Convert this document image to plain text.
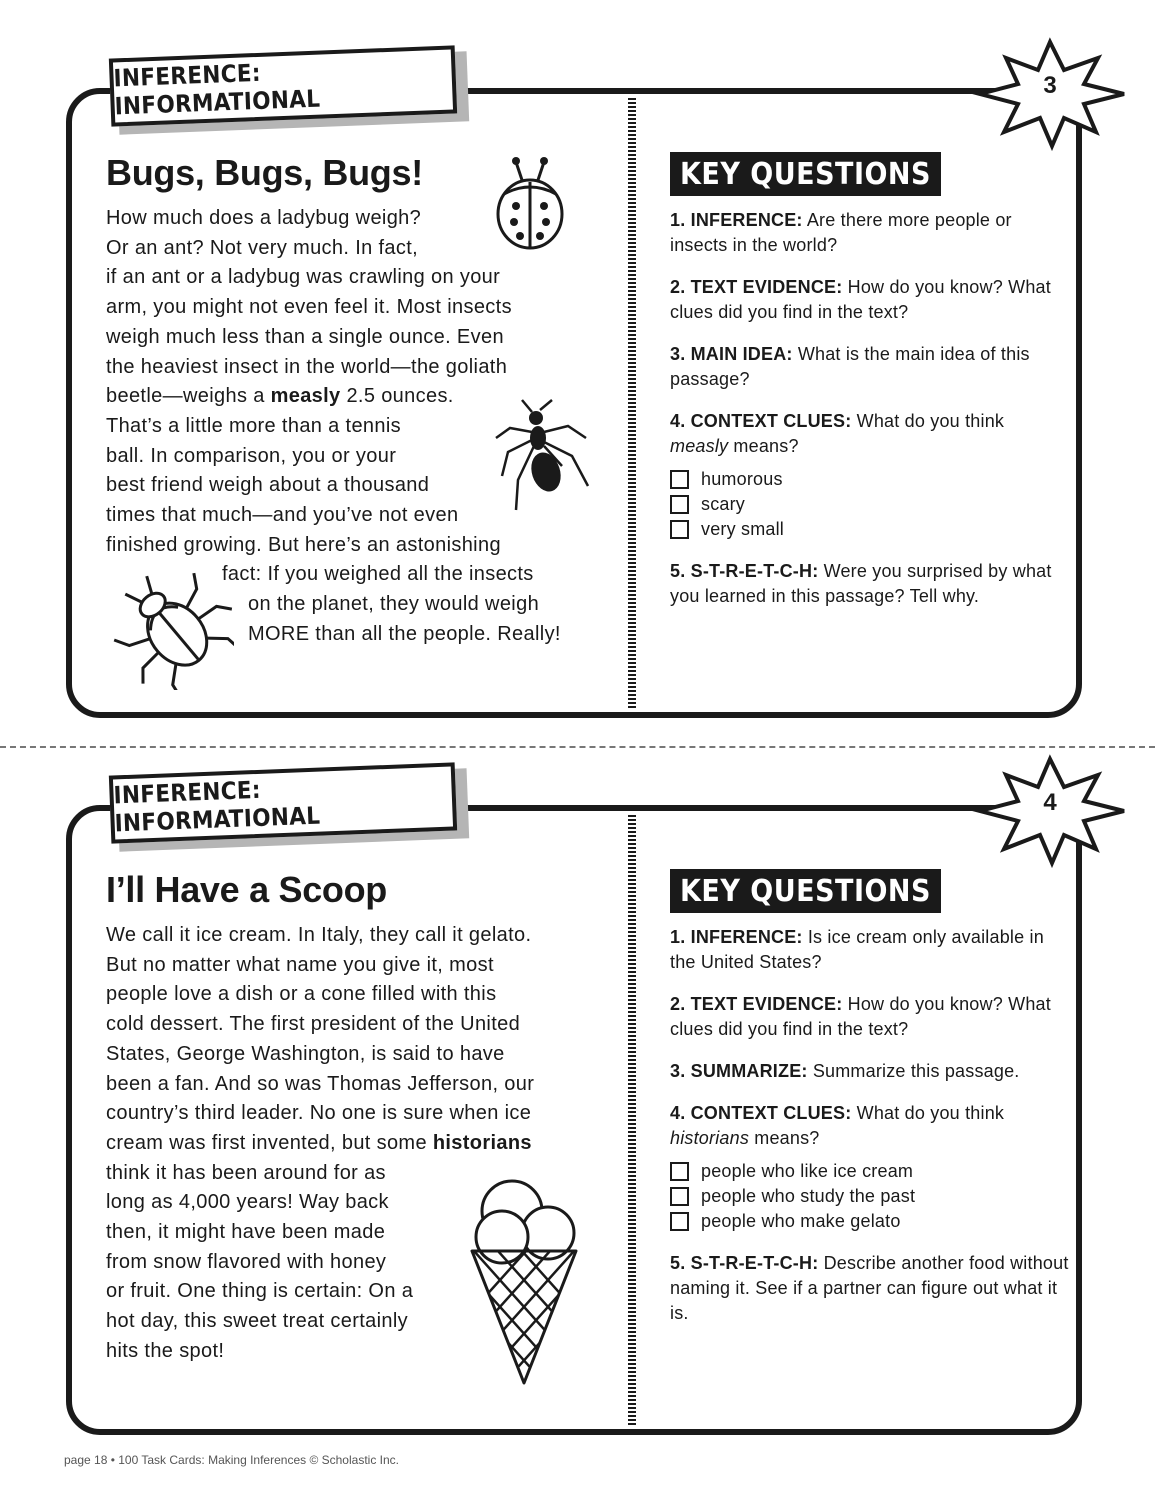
INFERENCE: INFORMATIONAL	3
Bugs, Bugs, Bugs!
How much does a ladybug weigh?
Or an ant? Not very much. In fact,
if an ant or a ladybug was crawling on your
arm, you might not even feel it. Most insects
weigh much less than a single ounce. Even
the heaviest insect in the world—the goliath
beetle—weighs a measly 2.5 ounces.
That’s a little more than a tennis
ball. In comparison, you or your
best friend weigh about a thousand
times that much—and you’ve not even
finished growing. But here’s an astonishing
fact: If you weighed all the insects
on the planet, they would weigh
MORE than all the people. Really!
KEY QUESTIONS

1. INFERENCE: Are there more people or insects in the world?

2. TEXT EVIDENCE: How do you know? What clues did you find in the text?

3. MAIN IDEA: What is the main idea of this passage?

4. CONTEXT CLUES: What do you think
measly means?

humorous
scary
very small

5. S-T-R-E-T-C-H: Were you surprised by what you learned in this passage? Tell why.

INFERENCE: INFORMATIONAL	4
I’ll Have a Scoop
We call it ice cream. In Italy, they call it gelato.
But no matter what name you give it, most
people love a dish or a cone filled with this
cold dessert. The first president of the United
States, George Washington, is said to have
been a fan. And so was Thomas Jefferson, our
country’s third leader. No one is sure when ice
cream was first invented, but some historians
think it has been around for as
long as 4,000 years! Way back
then, it might have been made
from snow flavored with honey
or fruit. One thing is certain: On a
hot day, this sweet treat certainly
hits the spot!
KEY QUESTIONS

1. INFERENCE: Is ice cream only available in the United States?

2. TEXT EVIDENCE: How do you know? What clues did you find in the text?

3. SUMMARIZE: Summarize this passage.

4. CONTEXT CLUES: What do you think
historians means?

people who like ice cream
people who study the past
people who make gelato

5. S-T-R-E-T-C-H: Describe another food without naming it. See if a partner can figure out what it is.

page 18 • 100 Task Cards: Making Inferences © Scholastic Inc.
